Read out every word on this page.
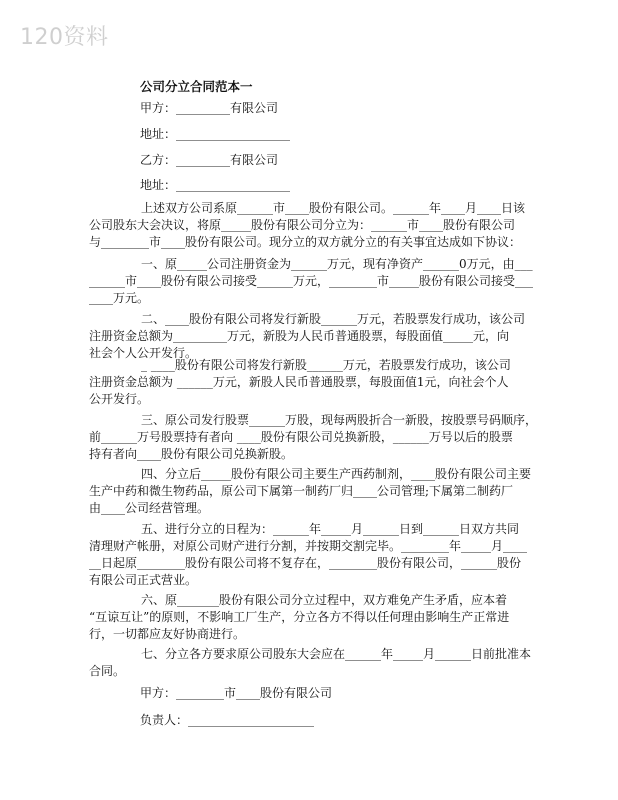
120资料
公司分立合同范本一
甲方：_________有限公司
地址：___________________
乙方：_________有限公司
地址：___________________
上述双方公司系原______市____股份有限公司。______年____月____日该
公司股东大会决议，将原_____股份有限公司分立为：______市____股份有限公司
与________市____股份有限公司。现分立的双方就分立的有关事宜达成如下协议：
一、原_____公司注册资金为______万元，现有净资产______0万元，由___
______市____股份有限公司接受______万元，________市_____股份有限公司接受___
____万元。
二、____股份有限公司将发行新股______万元，若股票发行成功，该公司
注册资金总额为_________万元，新股为人民币普通股票，每股面值_____元，向
社会个人公开发行。
_ ____股份有限公司将发行新股______万元，若股票发行成功，该公司
注册资金总额为 ______万元，新股人民币普通股票，每股面值1元，向社会个人
公开发行。
三、原公司发行股票______万股，现每两股折合一新股，按股票号码顺序，
前______万号股票持有者向 ____股份有限公司兑换新股，______万号以后的股票
持有者向____股份有限公司兑换新股。
四、分立后_____股份有限公司主要生产西药制剂，____股份有限公司主要
生产中药和微生物药品，原公司下属第一制药厂归____公司管理;下属第二制药厂
由____公司经营管理。
五、进行分立的日程为：______年_____月______日到______日双方共同
清理财产帐册，对原公司财产进行分割，并按期交割完毕。________年_____月____
__日起原________股份有限公司将不复存在，________股份有限公司，______股份
有限公司正式营业。
六、原_______股份有限公司分立过程中，双方难免产生矛盾，应本着
“互谅互让”的原则，不影响工厂生产，分立各方不得以任何理由影响生产正常进
行，一切都应友好协商进行。
七、分立各方要求原公司股东大会应在______年_____月______日前批准本
合同。
甲方：________市____股份有限公司
负责人：_____________________
